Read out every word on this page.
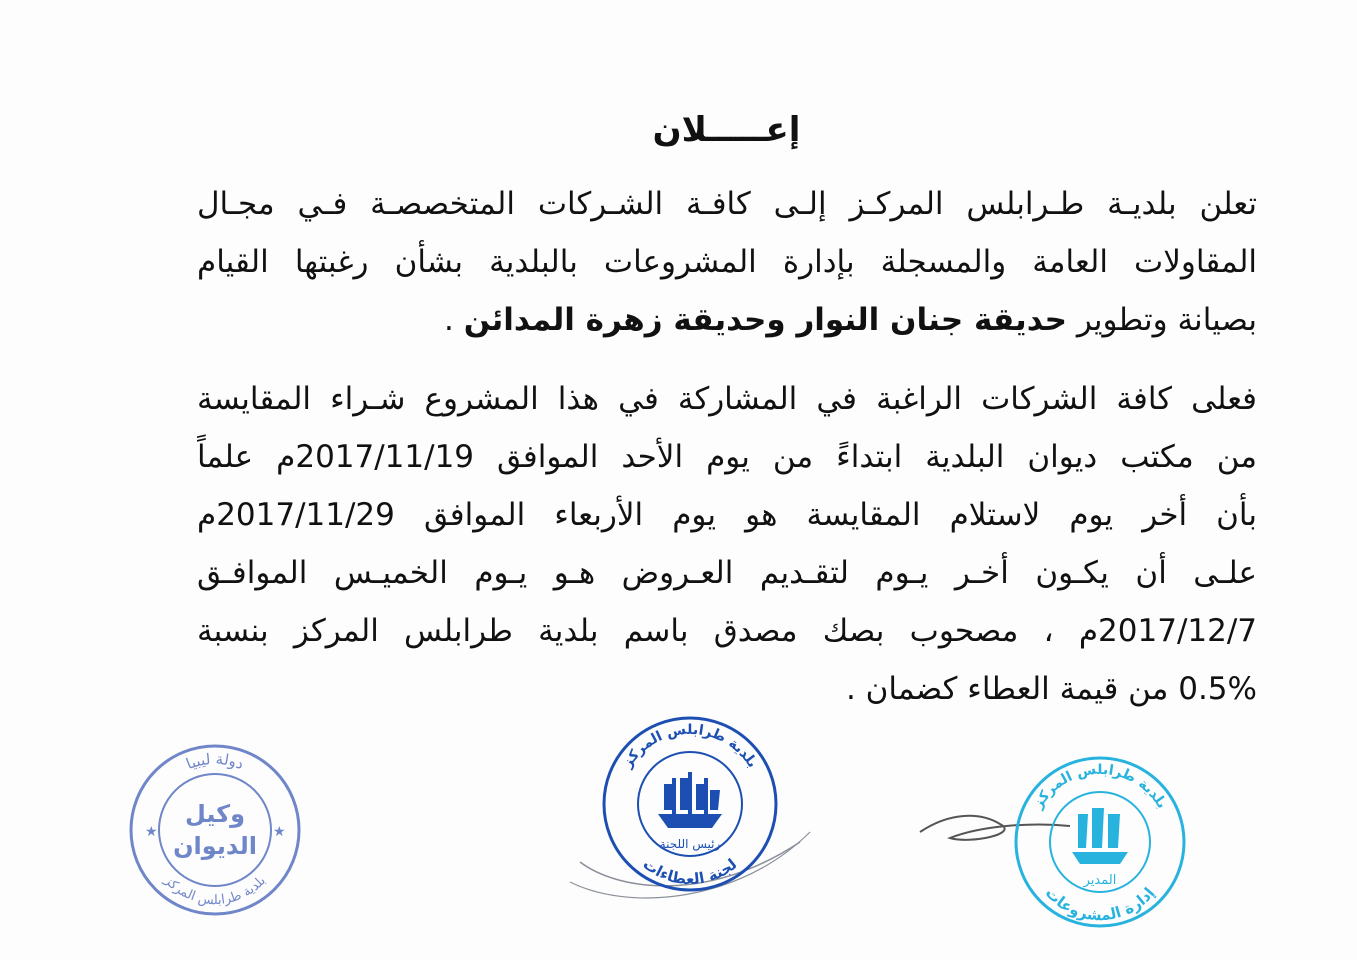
إعـــــلان
تعلن بلديـة طـرابلس المركـز إلـى كافـة الشـركات المتخصصـة فـي مجـال
المقاولات العامة والمسجلة بإدارة المشروعات بالبلدية بشأن رغبتها القيام
بصيانة وتطوير حديقة جنان النوار وحديقة زهرة المدائن .
فعلى كافة الشركات الراغبة في المشاركة في هذا المشروع شـراء المقايسة
من مكتب ديوان البلدية ابتداءً من يوم الأحد الموافق 2017/11/19م علماً
بأن أخر يوم لاستلام المقايسة هو يوم الأربعاء الموافق 2017/11/29م
علـى أن يكـون أخـر يـوم لتقـديم العـروض هـو يـوم الخميـس الموافـق
2017/12/7م ، مصحوب بصك مصدق باسم بلدية طرابلس المركز بنسبة
0.5% من قيمة العطاء كضمان .
دولة ليبيا
بلدية طرابلس المركز
وكيل
الديوان
★	★
بلدية طرابلس المركز
لجنة العطاءات
رئيس اللجنة
بلدية طرابلس المركز
إدارة المشروعات
المدير
